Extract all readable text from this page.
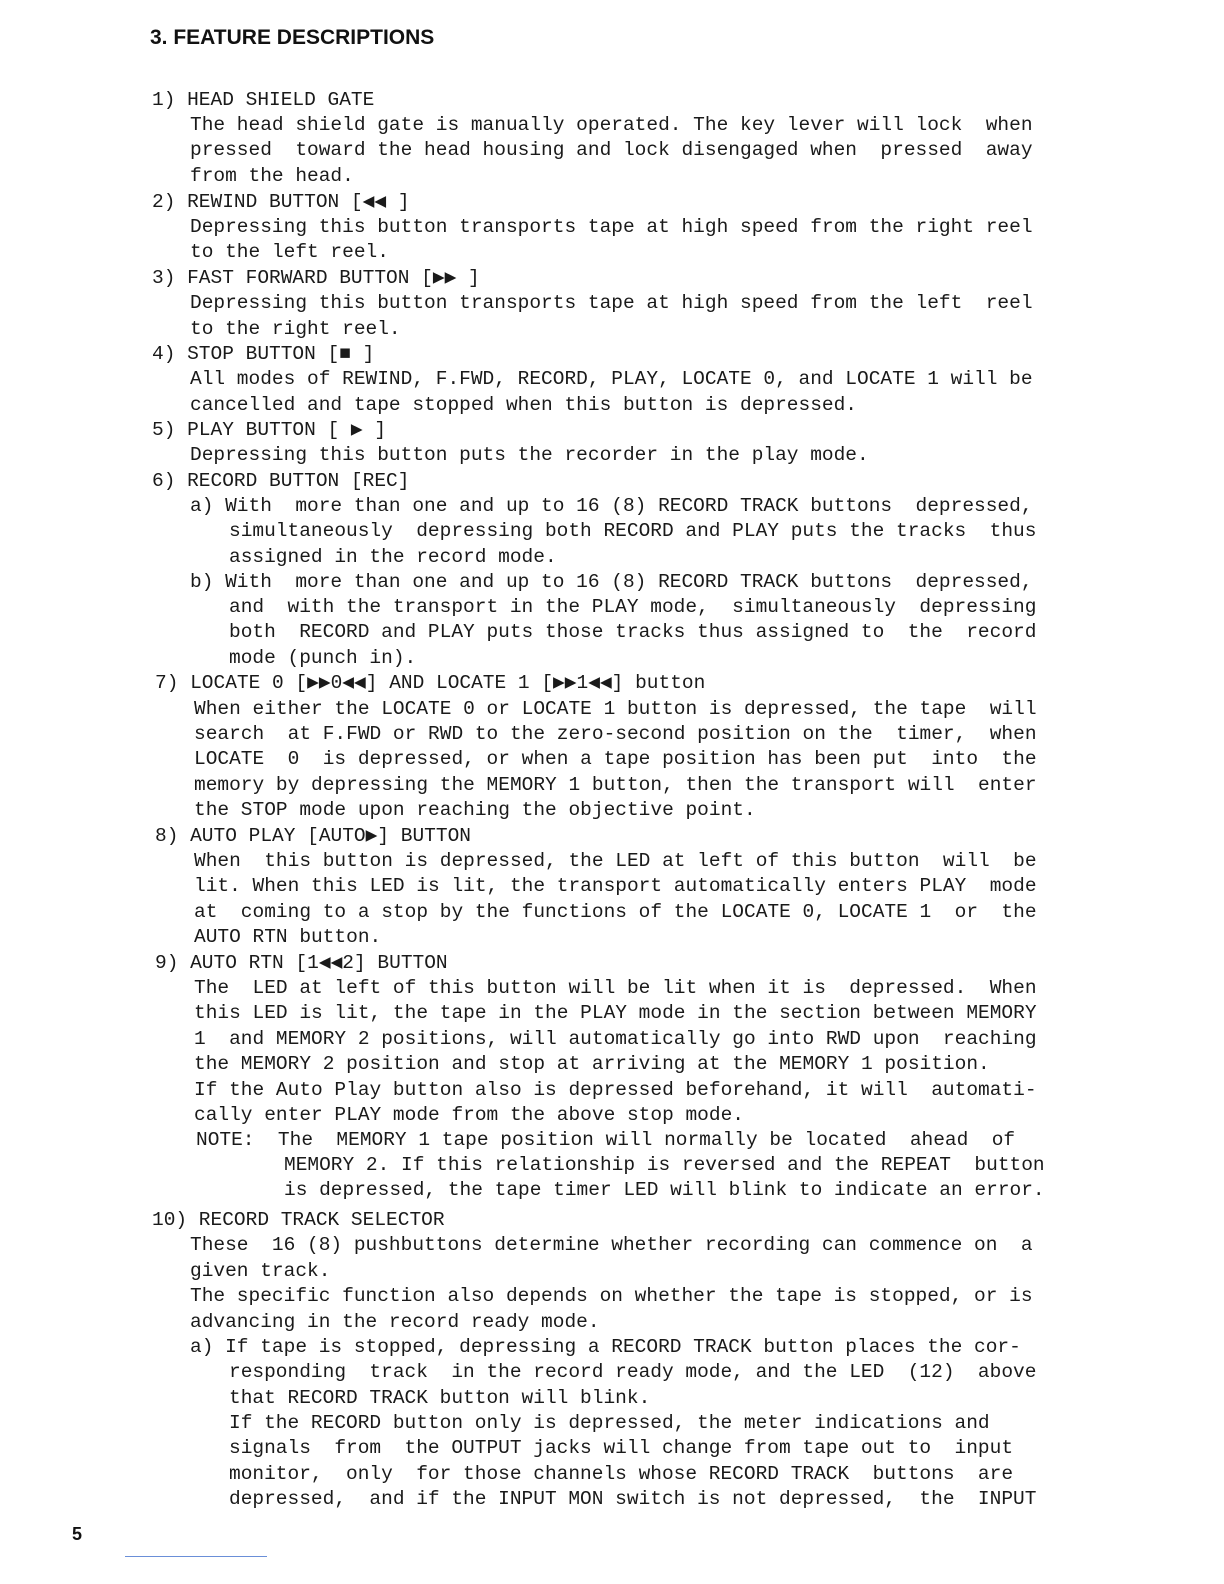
3. FEATURE DESCRIPTIONS
1) HEAD SHIELD GATE
The head shield gate is manually operated. The key lever will lock  when
pressed  toward the head housing and lock disengaged when  pressed  away
from the head.
2) REWIND BUTTON [◀◀ ]
Depressing this button transports tape at high speed from the right reel
to the left reel.
3) FAST FORWARD BUTTON [▶▶ ]
Depressing this button transports tape at high speed from the left  reel
to the right reel.
4) STOP BUTTON [■ ]
All modes of REWIND, F.FWD, RECORD, PLAY, LOCATE 0, and LOCATE 1 will be
cancelled and tape stopped when this button is depressed.
5) PLAY BUTTON [ ▶ ]
Depressing this button puts the recorder in the play mode.
6) RECORD BUTTON [REC]
a) With  more than one and up to 16 (8) RECORD TRACK buttons  depressed,
simultaneously  depressing both RECORD and PLAY puts the tracks  thus
assigned in the record mode.
b) With  more than one and up to 16 (8) RECORD TRACK buttons  depressed,
and  with the transport in the PLAY mode,  simultaneously  depressing
both  RECORD and PLAY puts those tracks thus assigned to  the  record
mode (punch in).
7) LOCATE 0 [▶▶0◀◀] AND LOCATE 1 [▶▶1◀◀] button
When either the LOCATE 0 or LOCATE 1 button is depressed, the tape  will
search  at F.FWD or RWD to the zero-second position on the  timer,  when
LOCATE  0  is depressed, or when a tape position has been put  into  the
memory by depressing the MEMORY 1 button, then the transport will  enter
the STOP mode upon reaching the objective point.
8) AUTO PLAY [AUTO▶] BUTTON
When  this button is depressed, the LED at left of this button  will  be
lit. When this LED is lit, the transport automatically enters PLAY  mode
at  coming to a stop by the functions of the LOCATE 0, LOCATE 1  or  the
AUTO RTN button.
9) AUTO RTN [1◀◀2] BUTTON
The  LED at left of this button will be lit when it is  depressed.  When
this LED is lit, the tape in the PLAY mode in the section between MEMORY
1  and MEMORY 2 positions, will automatically go into RWD upon  reaching
the MEMORY 2 position and stop at arriving at the MEMORY 1 position.
If the Auto Play button also is depressed beforehand, it will  automati-
cally enter PLAY mode from the above stop mode.
NOTE:  The  MEMORY 1 tape position will normally be located  ahead  of
MEMORY 2. If this relationship is reversed and the REPEAT  button
is depressed, the tape timer LED will blink to indicate an error.
10) RECORD TRACK SELECTOR
These  16 (8) pushbuttons determine whether recording can commence on  a
given track.
The specific function also depends on whether the tape is stopped, or is
advancing in the record ready mode.
a) If tape is stopped, depressing a RECORD TRACK button places the cor-
responding  track  in the record ready mode, and the LED  (12)  above
that RECORD TRACK button will blink.
If the RECORD button only is depressed, the meter indications and
signals  from  the OUTPUT jacks will change from tape out to  input
monitor,  only  for those channels whose RECORD TRACK  buttons  are
depressed,  and if the INPUT MON switch is not depressed,  the  INPUT
5
